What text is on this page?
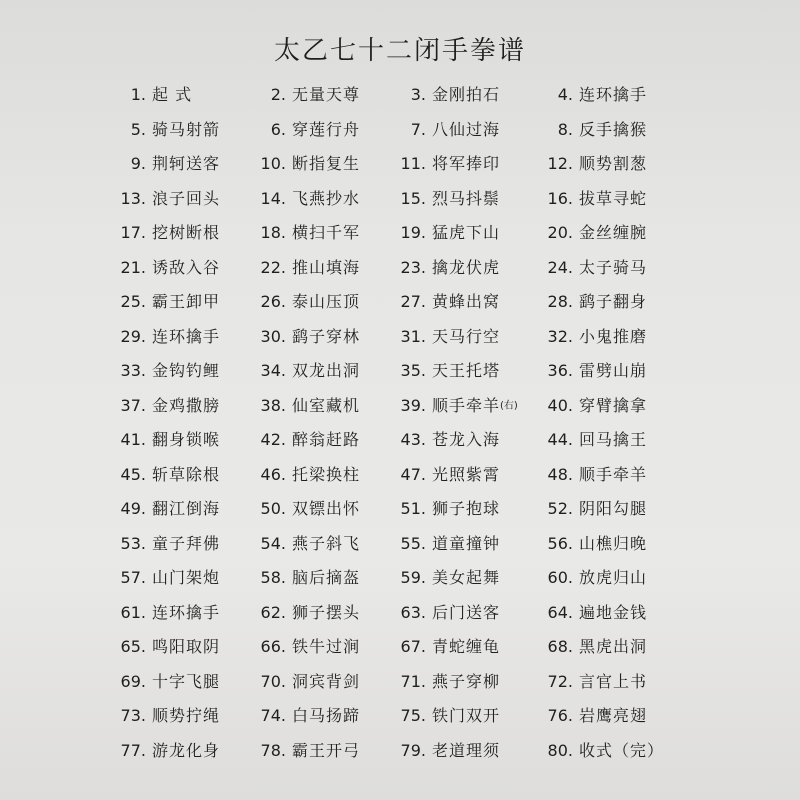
太乙七十二闭手拳谱
1. 起 式	2. 无量天尊	3. 金刚拍石	4. 连环擒手
5. 骑马射箭	6. 穿莲行舟	7. 八仙过海	8. 反手擒猴
9. 荆轲送客	10. 断指复生	11. 将军捧印	12. 顺势割葱
13. 浪子回头	14. 飞燕抄水	15. 烈马抖鬃	16. 拔草寻蛇
17. 挖树断根	18. 横扫千军	19. 猛虎下山	20. 金丝缠腕
21. 诱敌入谷	22. 推山填海	23. 擒龙伏虎	24. 太子骑马
25. 霸王卸甲	26. 泰山压顶	27. 黄蜂出窝	28. 鹞子翻身
29. 连环擒手	30. 鹞子穿林	31. 天马行空	32. 小鬼推磨
33. 金钩钓鲤	34. 双龙出洞	35. 天王托塔	36. 雷劈山崩
37. 金鸡撒膀	38. 仙室藏机	39. 顺手牵羊(右)	40. 穿臂擒拿
41. 翻身锁喉	42. 醉翁赶路	43. 苍龙入海	44. 回马擒王
45. 斩草除根	46. 托梁换柱	47. 光照紫霄	48. 顺手牵羊
49. 翻江倒海	50. 双镖出怀	51. 狮子抱球	52. 阴阳勾腿
53. 童子拜佛	54. 燕子斜飞	55. 道童撞钟	56. 山樵归晚
57. 山门架炮	58. 脑后摘盔	59. 美女起舞	60. 放虎归山
61. 连环擒手	62. 狮子摆头	63. 后门送客	64. 遍地金钱
65. 鸣阳取阴	66. 铁牛过涧	67. 青蛇缠龟	68. 黑虎出洞
69. 十字飞腿	70. 洞宾背剑	71. 燕子穿柳	72. 言官上书
73. 顺势拧绳	74. 白马扬蹄	75. 铁门双开	76. 岩鹰亮翅
77. 游龙化身	78. 霸王开弓	79. 老道理须	80. 收式（完）
